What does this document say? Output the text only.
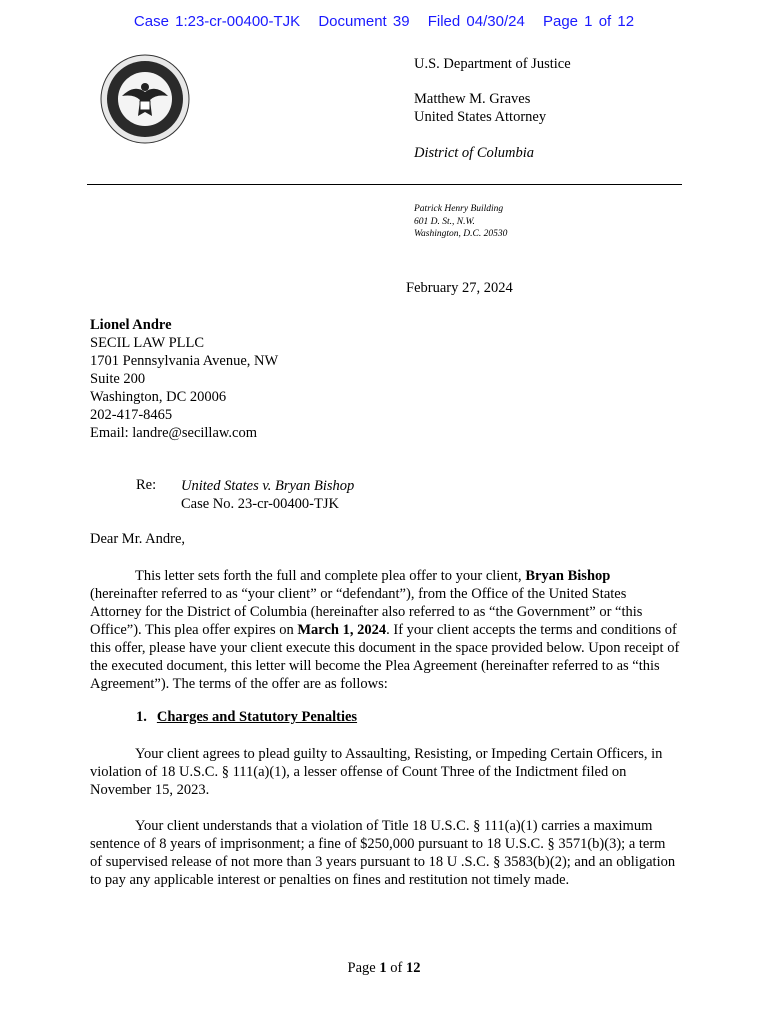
Case 1:23-cr-00400-TJK Document 39 Filed 04/30/24 Page 1 of 12
U.S. Department of Justice
Matthew M. Graves
United States Attorney
District of Columbia
Patrick Henry Building
601 D. St., N.W.
Washington, D.C. 20530
February 27, 2024
Lionel Andre
SECIL LAW PLLC
1701 Pennsylvania Avenue, NW
Suite 200
Washington, DC 20006
202-417-8465
Email: landre@secillaw.com
Re: United States v. Bryan Bishop
Case No. 23-cr-00400-TJK
Dear Mr. Andre,
This letter sets forth the full and complete plea offer to your client, Bryan Bishop (hereinafter referred to as “your client” or “defendant”), from the Office of the United States Attorney for the District of Columbia (hereinafter also referred to as “the Government” or “this Office”). This plea offer expires on March 1, 2024. If your client accepts the terms and conditions of this offer, please have your client execute this document in the space provided below. Upon receipt of the executed document, this letter will become the Plea Agreement (hereinafter referred to as “this Agreement”). The terms of the offer are as follows:
1. Charges and Statutory Penalties
Your client agrees to plead guilty to Assaulting, Resisting, or Impeding Certain Officers, in violation of 18 U.S.C. § 111(a)(1), a lesser offense of Count Three of the Indictment filed on November 15, 2023.
Your client understands that a violation of Title 18 U.S.C. § 111(a)(1) carries a maximum sentence of 8 years of imprisonment; a fine of $250,000 pursuant to 18 U.S.C. § 3571(b)(3); a term of supervised release of not more than 3 years pursuant to 18 U .S.C. § 3583(b)(2); and an obligation to pay any applicable interest or penalties on fines and restitution not timely made.
Page 1 of 12
